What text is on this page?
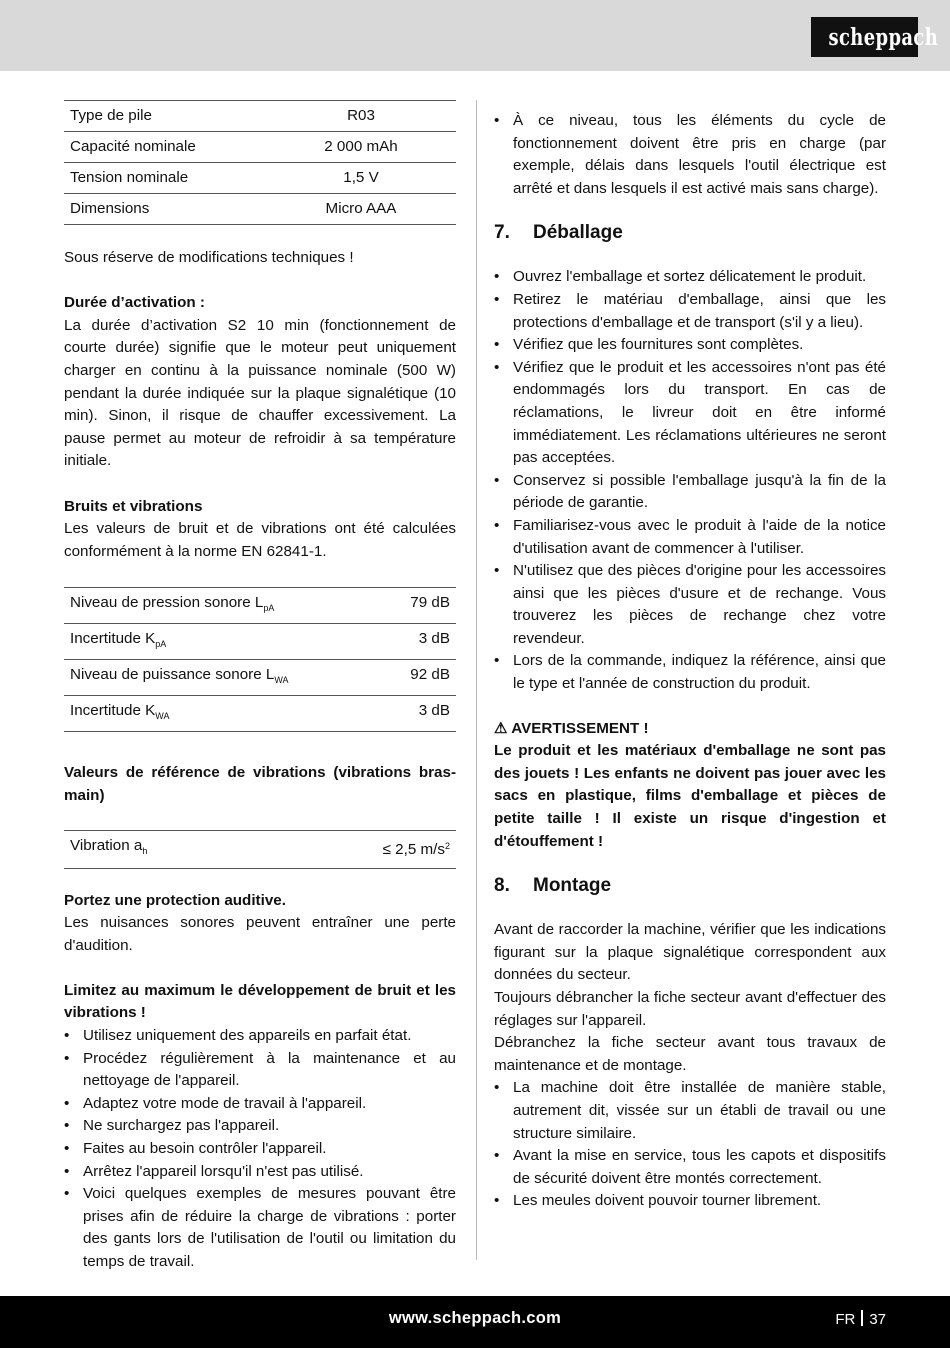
scheppach
Type de pile	R03
Capacité nominale	2 000 mAh
Tension nominale	1,5 V
Dimensions	Micro AAA

Sous réserve de modifications techniques !

Durée d’activation :

La durée d’activation S2 10 min (fonctionnement de courte durée) signifie que le moteur peut uniquement charger en continu à la puissance nominale (500 W) pendant la durée indiquée sur la plaque signalétique (10 min). Sinon, il risque de chauffer excessivement. La pause permet au moteur de refroidir à sa température initiale.

Bruits et vibrations

Les valeurs de bruit et de vibrations ont été calculées conformément à la norme EN 62841-1.

Niveau de pression sonore $L_{pA}$	79 dB
Incertitude $K_{pA}$	3 dB
Niveau de puissance sonore $L_{WA}$	92 dB
Incertitude $K_{WA}$	3 dB

Valeurs de référence de vibrations (vibrations bras-main)

Vibration $a_h$	≤ 2,5 $m/s^2$

Portez une protection auditive.

Les nuisances sonores peuvent entraîner une perte d'audition.

Limitez au maximum le développement de bruit et les vibrations !

• Utilisez uniquement des appareils en parfait état.
• Procédez régulièrement à la maintenance et au nettoyage de l'appareil.
• Adaptez votre mode de travail à l'appareil.
• Ne surchargez pas l'appareil.
• Faites au besoin contrôler l'appareil.
• Arrêtez l'appareil lorsqu'il n'est pas utilisé.
• Voici quelques exemples de mesures pouvant être prises afin de réduire la charge de vibrations : porter des gants lors de l'utilisation de l'outil ou limitation du temps de travail.
• À ce niveau, tous les éléments du cycle de fonctionnement doivent être pris en charge (par exemple, délais dans lesquels l'outil électrique est arrêté et dans lesquels il est activé mais sans charge).
7. Déballage
• Ouvrez l'emballage et sortez délicatement le produit.
• Retirez le matériau d'emballage, ainsi que les protections d'emballage et de transport (s'il y a lieu).
• Vérifiez que les fournitures sont complètes.
• Vérifiez que le produit et les accessoires n'ont pas été endommagés lors du transport. En cas de réclamations, le livreur doit en être informé immédiatement. Les réclamations ultérieures ne seront pas acceptées.
• Conservez si possible l'emballage jusqu'à la fin de la période de garantie.
• Familiarisez-vous avec le produit à l'aide de la notice d'utilisation avant de commencer à l'utiliser.
• N'utilisez que des pièces d'origine pour les accessoires ainsi que les pièces d'usure et de rechange. Vous trouverez les pièces de rechange chez votre revendeur.
• Lors de la commande, indiquez la référence, ainsi que le type et l'année de construction du produit.

⚠ AVERTISSEMENT !

Le produit et les matériaux d'emballage ne sont pas des jouets ! Les enfants ne doivent pas jouer avec les sacs en plastique, films d'emballage et pièces de petite taille ! Il existe un risque d'ingestion et d'étouffement !

8. Montage

Avant de raccorder la machine, vérifier que les indications figurant sur la plaque signalétique correspondent aux données du secteur.

Toujours débrancher la fiche secteur avant d'effectuer des réglages sur l'appareil.

Débranchez la fiche secteur avant tous travaux de maintenance et de montage.

• La machine doit être installée de manière stable, autrement dit, vissée sur un établi de travail ou une structure similaire.
• Avant la mise en service, tous les capots et dispositifs de sécurité doivent être montés correctement.
• Les meules doivent pouvoir tourner librement.
www.scheppach.com	FR 37
